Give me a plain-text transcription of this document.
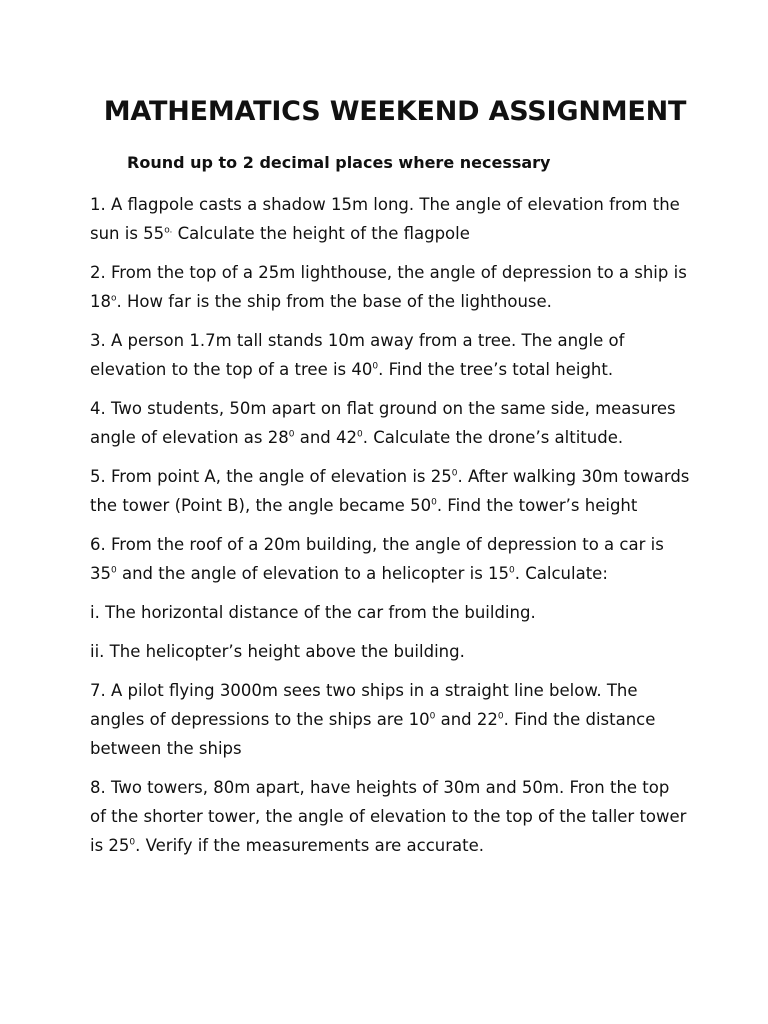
MATHEMATICS WEEKEND ASSIGNMENT
Round up to 2 decimal places where necessary

1. A flagpole casts a shadow 15m long. The angle of elevation from the sun is $55^{o.}$ Calculate the height of the flagpole

2. From the top of a 25m lighthouse, the angle of depression to a ship is 18$^o$. How far is the ship from the base of the lighthouse.

3. A person 1.7m tall stands 10m away from a tree. The angle of elevation to the top of a tree is $40^0$. Find the tree’s total height.

4. Two students, 50m apart on flat ground on the same side, measures angle of elevation as $28^0$ and $42^0$. Calculate the drone’s altitude.

5. From point A, the angle of elevation is $25^0$. After walking 30m towards the tower (Point B), the angle became $50^0$. Find the tower’s height

6. From the roof of a 20m building, the angle of depression to a car is $35^0$ and the angle of elevation to a helicopter is $15^0$. Calculate:

i. The horizontal distance of the car from the building.

ii. The helicopter’s height above the building.

7. A pilot flying 3000m sees two ships in a straight line below. The angles of depressions to the ships are $10^0$ and $22^0$. Find the distance between the ships

8. Two towers, 80m apart, have heights of 30m and 50m. Fron the top of the shorter tower, the angle of elevation to the top of the taller tower is $25^0$. Verify if the measurements are accurate.
